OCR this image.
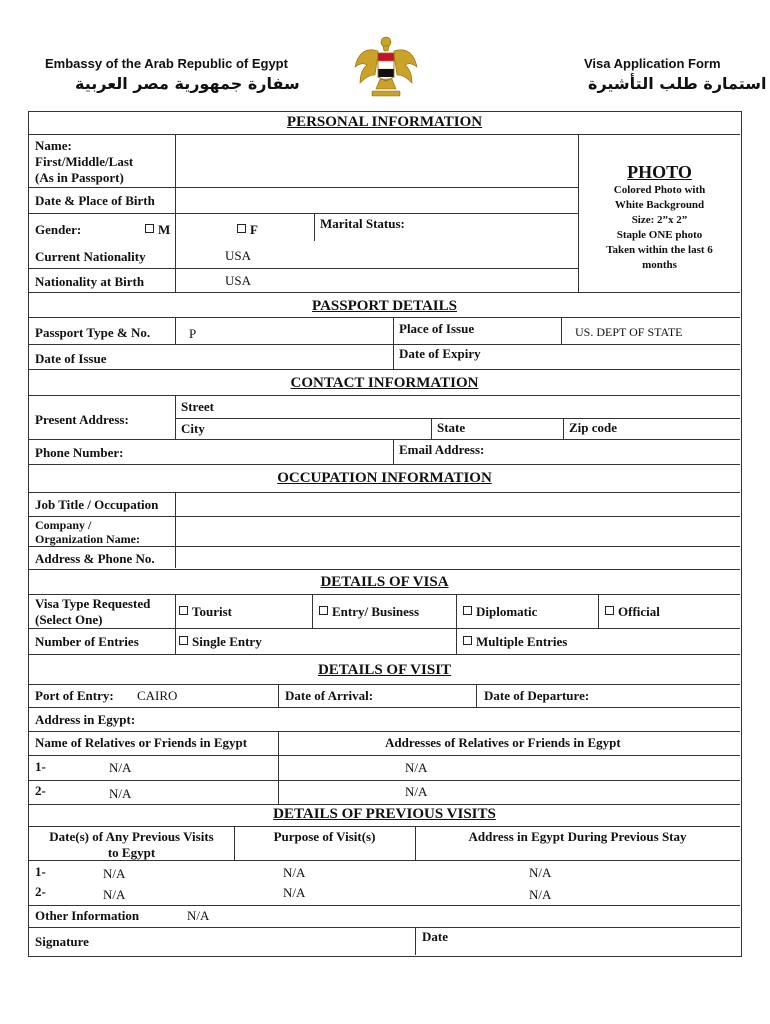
Embassy of the Arab Republic of Egypt
سفارة جمهورية مصر العربية
Visa Application Form
استمارة طلب التأشيرة
PERSONAL INFORMATION
Name:
First/Middle/Last
(As in Passport)
Date & Place of Birth
Gender:	M	F	Marital Status:
Current Nationality	USA
Nationality at Birth	USA
PHOTO
Colored Photo with
White Background
Size: 2”x 2”
Staple ONE photo
Taken within the last 6
months
PASSPORT DETAILS
Passport Type & No.	P	Place of Issue	US. DEPT OF STATE
Date of Issue	Date of Expiry
CONTACT INFORMATION
Present Address:
Street
City	State	Zip code
Phone Number:	Email Address:
OCCUPATION INFORMATION
Job Title / Occupation
Company /
Organization Name:
Address & Phone No.
DETAILS OF VISA
Visa Type Requested
(Select One)
Tourist	Entry/ Business	Diplomatic	Official
Number of Entries	Single Entry	Multiple Entries
DETAILS OF VISIT
Port of Entry: CAIRO	Date of Arrival:	Date of Departure:
Address in Egypt:
Name of Relatives or Friends in Egypt	Addresses of Relatives or Friends in Egypt
1-	N/A	N/A
2-	N/A	N/A
DETAILS OF PREVIOUS VISITS
Date(s) of Any Previous Visits
to Egypt
Purpose of Visit(s)	Address in Egypt During Previous Stay
1-	N/A	N/A	N/A
2-	N/A	N/A	N/A
Other Information	N/A
Signature	Date
